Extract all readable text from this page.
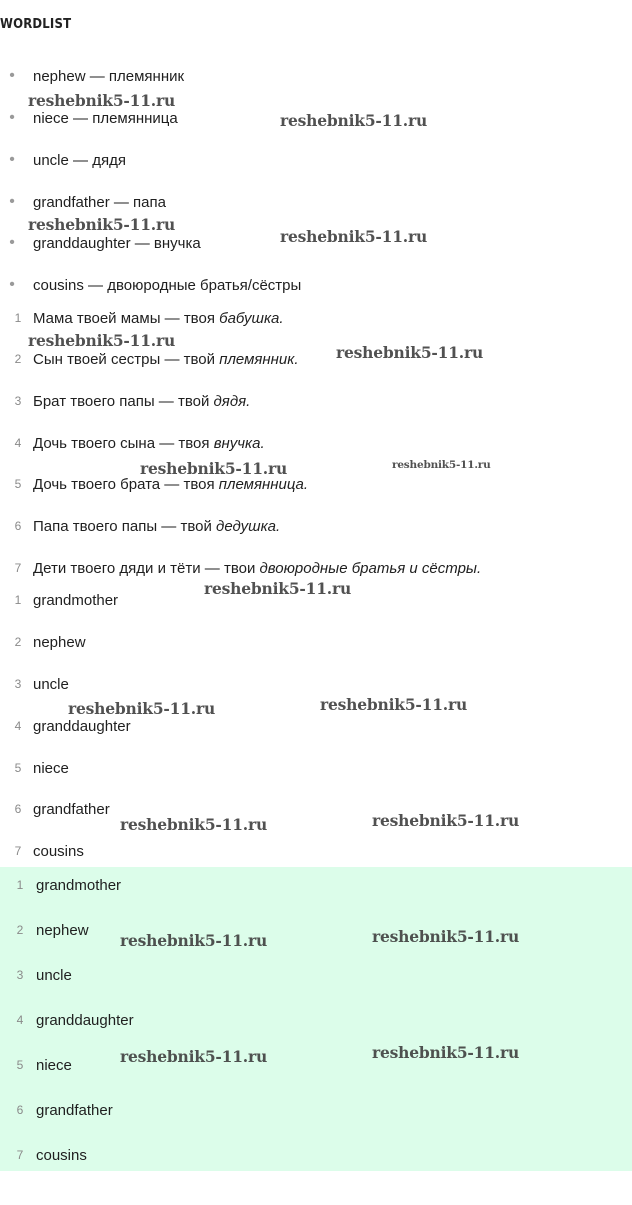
WORDLIST
•	nephew — племянник
•	niece — племянница
•	uncle — дядя
•	grandfather — папа
•	granddaughter — внучка
•	cousins — двоюродные братья/сёстры
1 Мама твоей мамы — твоя бабушка.
2 Сын твоей сестры — твой племянник.
3 Брат твоего папы — твой дядя.
4 Дочь твоего сына — твоя внучка.
5 Дочь твоего брата — твоя племянница.
6 Папа твоего папы — твой дедушка.
7 Дети твоего дяди и тёти — твои двоюродные братья и сёстры.
1 grandmother
2 nephew
3 uncle
4 granddaughter
5 niece
6 grandfather
7 cousins
1 grandmother
2 nephew
3 uncle
4 granddaughter
5 niece
6 grandfather
7 cousins
reshebnik5-11.ru
reshebnik5-11.ru
reshebnik5-11.ru
reshebnik5-11.ru
reshebnik5-11.ru
reshebnik5-11.ru
reshebnik5-11.ru	reshebnik5-11.ru
reshebnik5-11.ru
reshebnik5-11.ru	reshebnik5-11.ru
reshebnik5-11.ru	reshebnik5-11.ru
reshebnik5-11.ru	reshebnik5-11.ru
reshebnik5-11.ru	reshebnik5-11.ru
